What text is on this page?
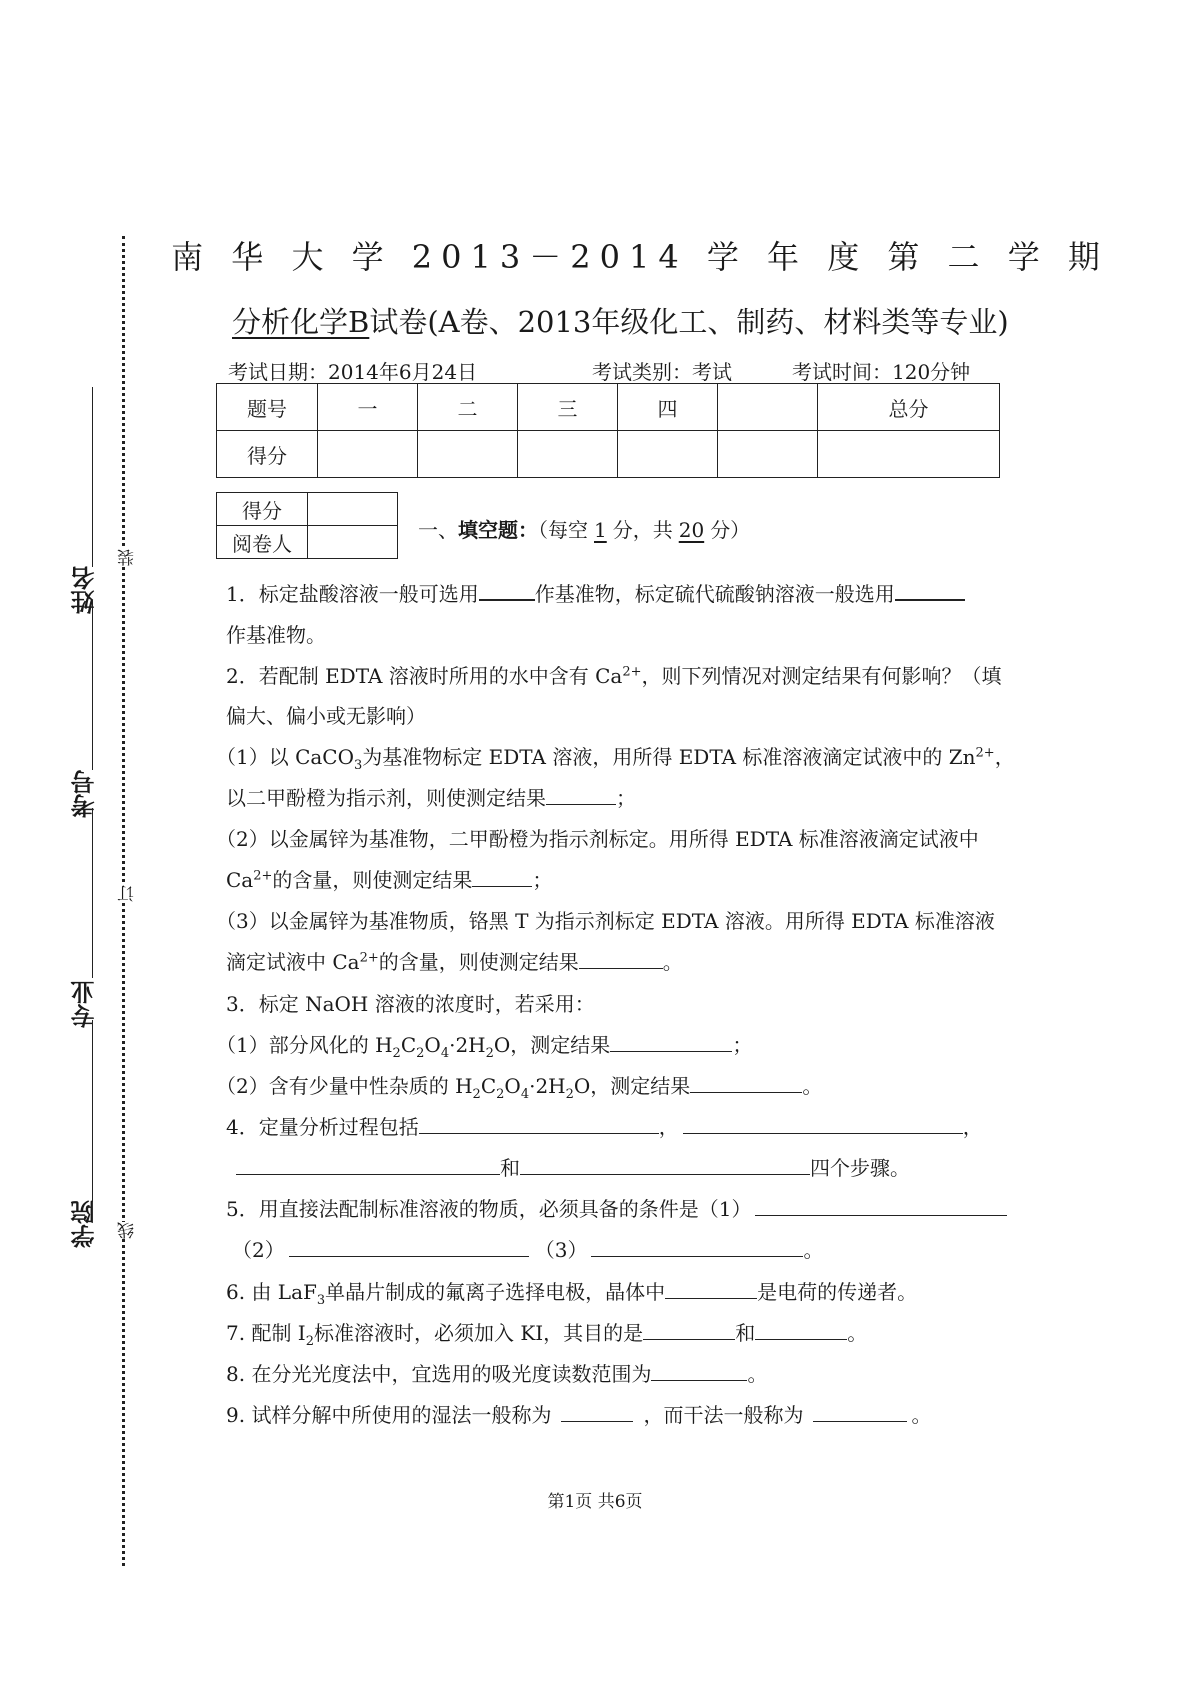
姓名
考号
专业
学院
装
订
线
南 华 大 学 2013－2014 学 年 度 第 二 学 期
分析化学B试卷(A卷、2013年级化工、制药、材料类等专业)
考试日期：2014年6月24日	考试类别：考试	考试时间：120分钟
题号	一	二	三	四		总分
得分						
得分	
阅卷人	
一、填空题：（每空 1 分，共 20 分）
1．标定盐酸溶液一般可选用	作基准物，标定硫代硫酸钠溶液一般选用
作基准物。
2．若配制 EDTA 溶液时所用的水中含有 $Ca^{2+}$，则下列情况对测定结果有何影响？（填
偏大、偏小或无影响）
（1）以 CaCO$_3$为基准物标定 EDTA 溶液，用所得 EDTA 标准溶液滴定试液中的 $Zn^{2+}$，
以二甲酚橙为指示剂，则使测定结果	；
（2）以金属锌为基准物，二甲酚橙为指示剂标定。用所得 EDTA 标准溶液滴定试液中
$Ca^{2+}$的含量，则使测定结果	；
（3）以金属锌为基准物质，铬黑 T 为指示剂标定 EDTA 溶液。用所得 EDTA 标准溶液
滴定试液中 $Ca^{2+}$的含量，则使测定结果	。
3．标定 NaOH 溶液的浓度时，若采用：
（1）部分风化的 $H_2C_2O_4\cdot 2H_2O$，测定结果	；
（2）含有少量中性杂质的 $H_2C_2O_4\cdot 2H_2O$，测定结果	。
4．定量分析过程包括	，	，
和	四个步骤。
5．用直接法配制标准溶液的物质，必须具备的条件是（1）
（2）	（3）	。
6. 由 LaF$_3$单晶片制成的氟离子选择电极，晶体中	是电荷的传递者。
7. 配制 $I_2$标准溶液时，必须加入 KI，其目的是	和	。
8. 在分光光度法中，宜选用的吸光度读数范围为	。
9. 试样分解中所使用的湿法一般称为	，而干法一般称为	。
第1页 共6页
